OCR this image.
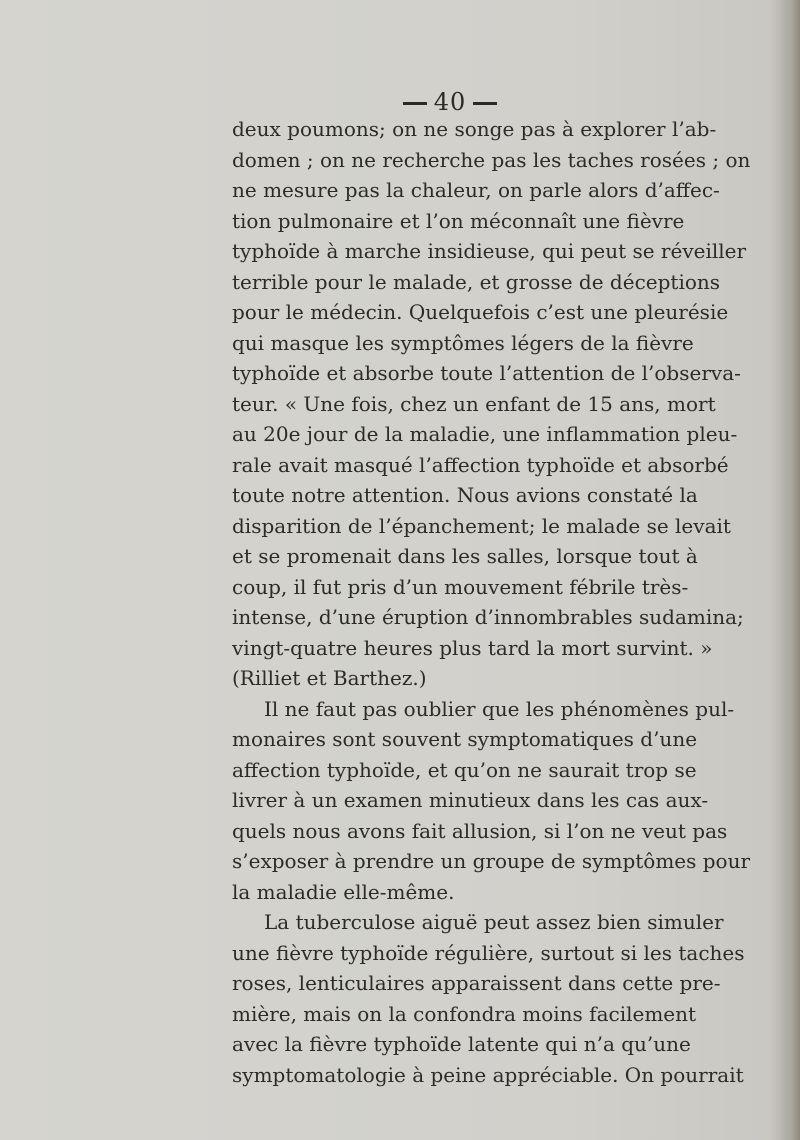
40
deux poumons; on ne songe pas à explorer l’ab-
domen ; on ne recherche pas les taches rosées ; on
ne mesure pas la chaleur, on parle alors d’affec-
tion pulmonaire et l’on méconnaît une fièvre
typhoïde à marche insidieuse, qui peut se réveiller
terrible pour le malade, et grosse de déceptions
pour le médecin. Quelquefois c’est une pleurésie
qui masque les symptômes légers de la fièvre
typhoïde et absorbe toute l’attention de l’observa-
teur. « Une fois, chez un enfant de 15 ans, mort
au 20e jour de la maladie, une inflammation pleu-
rale avait masqué l’affection typhoïde et absorbé
toute notre attention. Nous avions constaté la
disparition de l’épanchement; le malade se levait
et se promenait dans les salles, lorsque tout à
coup, il fut pris d’un mouvement fébrile très-
intense, d’une éruption d’innombrables sudamina;
vingt-quatre heures plus tard la mort survint. »
(Rilliet et Barthez.)
Il ne faut pas oublier que les phénomènes pul-
monaires sont souvent symptomatiques d’une
affection typhoïde, et qu’on ne saurait trop se
livrer à un examen minutieux dans les cas aux-
quels nous avons fait allusion, si l’on ne veut pas
s’exposer à prendre un groupe de symptômes pour
la maladie elle-même.
La tuberculose aiguë peut assez bien simuler
une fièvre typhoïde régulière, surtout si les taches
roses, lenticulaires apparaissent dans cette pre-
mière, mais on la confondra moins facilement
avec la fièvre typhoïde latente qui n’a qu’une
symptomatologie à peine appréciable. On pourrait
